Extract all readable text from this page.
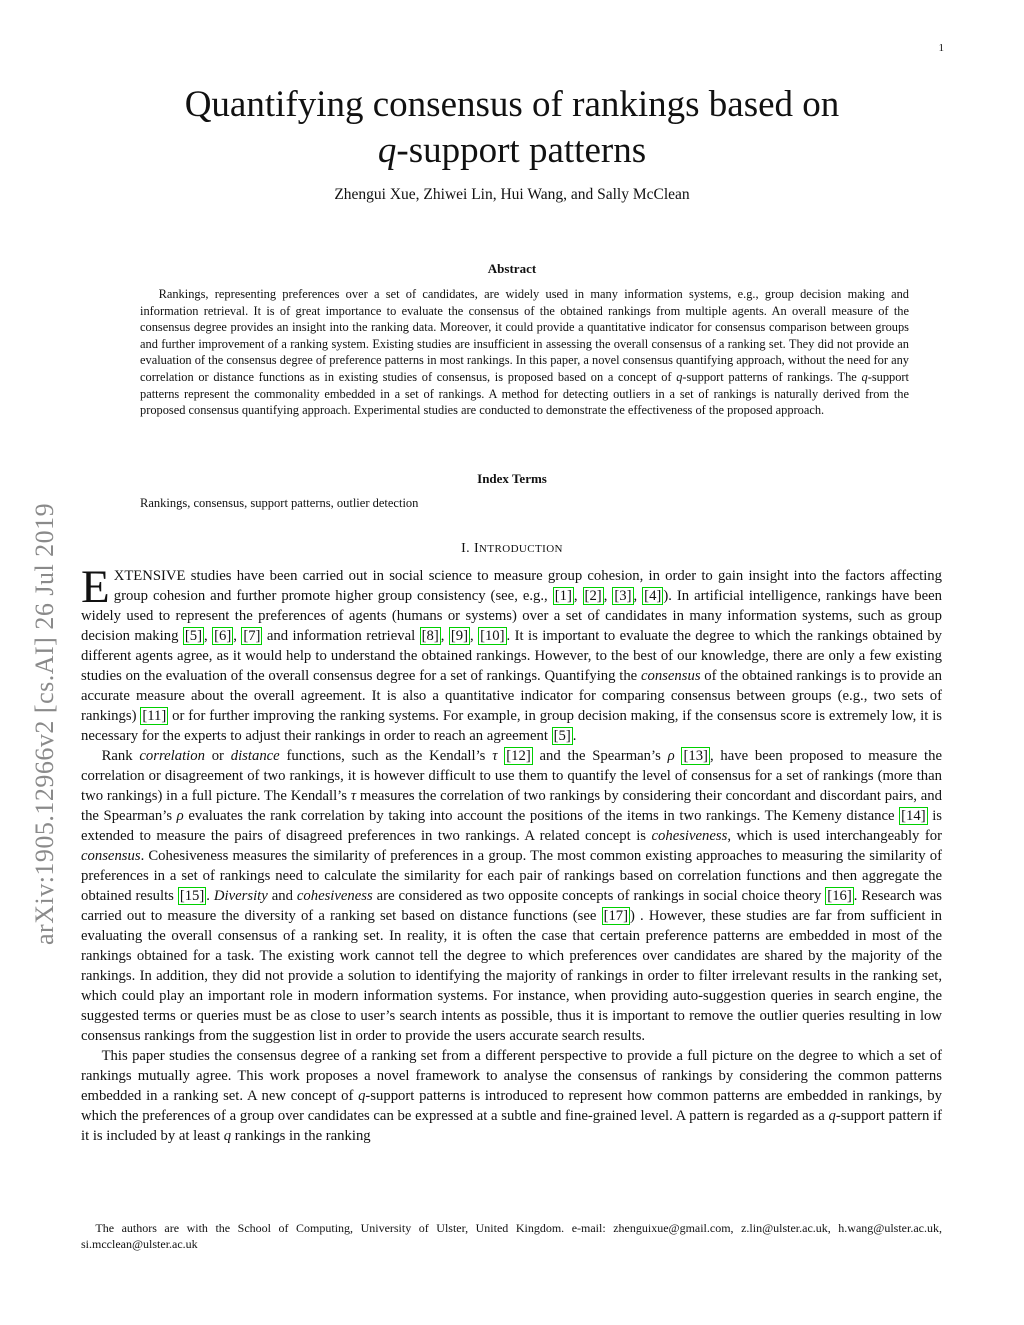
1
arXiv:1905.12966v2 [cs.AI] 26 Jul 2019
Quantifying consensus of rankings based on
q-support patterns
Zhengui Xue, Zhiwei Lin, Hui Wang, and Sally McClean
Abstract
Rankings, representing preferences over a set of candidates, are widely used in many information systems, e.g., group decision making and information retrieval. It is of great importance to evaluate the consensus of the obtained rankings from multiple agents. An overall measure of the consensus degree provides an insight into the ranking data. Moreover, it could provide a quantitative indicator for consensus comparison between groups and further improvement of a ranking system. Existing studies are insufficient in assessing the overall consensus of a ranking set. They did not provide an evaluation of the consensus degree of preference patterns in most rankings. In this paper, a novel consensus quantifying approach, without the need for any correlation or distance functions as in existing studies of consensus, is proposed based on a concept of q-support patterns of rankings. The q-support patterns represent the commonality embedded in a set of rankings. A method for detecting outliers in a set of rankings is naturally derived from the proposed consensus quantifying approach. Experimental studies are conducted to demonstrate the effectiveness of the proposed approach.
Index Terms
Rankings, consensus, support patterns, outlier detection
I. INTRODUCTION

EXTENSIVE studies have been carried out in social science to measure group cohesion, in order to gain insight into the factors affecting group cohesion and further promote higher group consistency (see, e.g., [1] , [2] , [3] , [4] ). In artificial intelligence, rankings have been widely used to represent the preferences of agents (humans or systems) over a set of candidates in many information systems, such as group decision making [5] , [6] , [7] and information retrieval [8] , [9] , [10] . It is important to evaluate the degree to which the rankings obtained by different agents agree, as it would help to understand the obtained rankings. However, to the best of our knowledge, there are only a few existing studies on the evaluation of the overall consensus degree for a set of rankings. Quantifying the consensus of the obtained rankings is to provide an accurate measure about the overall agreement. It is also a quantitative indicator for comparing consensus between groups (e.g., two sets of rankings) [11] or for further improving the ranking systems. For example, in group decision making, if the consensus score is extremely low, it is necessary for the experts to adjust their rankings in order to reach an agreement [5] .

Rank correlation or distance functions, such as the Kendall’s τ [12] and the Spearman’s ρ [13] , have been proposed to measure the correlation or disagreement of two rankings, it is however difficult to use them to quantify the level of consensus for a set of rankings (more than two rankings) in a full picture. The Kendall’s τ measures the correlation of two rankings by considering their concordant and discordant pairs, and the Spearman’s ρ evaluates the rank correlation by taking into account the positions of the items in two rankings. The Kemeny distance [14] is extended to measure the pairs of disagreed preferences in two rankings. A related concept is cohesiveness, which is used interchangeably for consensus. Cohesiveness measures the similarity of preferences in a group. The most common existing approaches to measuring the similarity of preferences in a set of rankings need to calculate the similarity for each pair of rankings based on correlation functions and then aggregate the obtained results [15] . Diversity and cohesiveness are considered as two opposite concepts of rankings in social choice theory [16] . Research was carried out to measure the diversity of a ranking set based on distance functions (see [17] ) . However, these studies are far from sufficient in evaluating the overall consensus of a ranking set. In reality, it is often the case that certain preference patterns are embedded in most of the rankings obtained for a task. The existing work cannot tell the degree to which preferences over candidates are shared by the majority of the rankings. In addition, they did not provide a solution to identifying the majority of rankings in order to filter irrelevant results in the ranking set, which could play an important role in modern information systems. For instance, when providing auto-suggestion queries in search engine, the suggested terms or queries must be as close to user’s search intents as possible, thus it is important to remove the outlier queries resulting in low consensus rankings from the suggestion list in order to provide the users accurate search results.

This paper studies the consensus degree of a ranking set from a different perspective to provide a full picture on the degree to which a set of rankings mutually agree. This work proposes a novel framework to analyse the consensus of rankings by considering the common patterns embedded in a ranking set. A new concept of q-support patterns is introduced to represent how common patterns are embedded in rankings, by which the preferences of a group over candidates can be expressed at a subtle and fine-grained level. A pattern is regarded as a q-support pattern if it is included by at least q rankings in the ranking

The authors are with the School of Computing, University of Ulster, United Kingdom. e-mail: zhenguixue@gmail.com, z.lin@ulster.ac.uk, h.wang@ulster.ac.uk, si.mcclean@ulster.ac.uk
